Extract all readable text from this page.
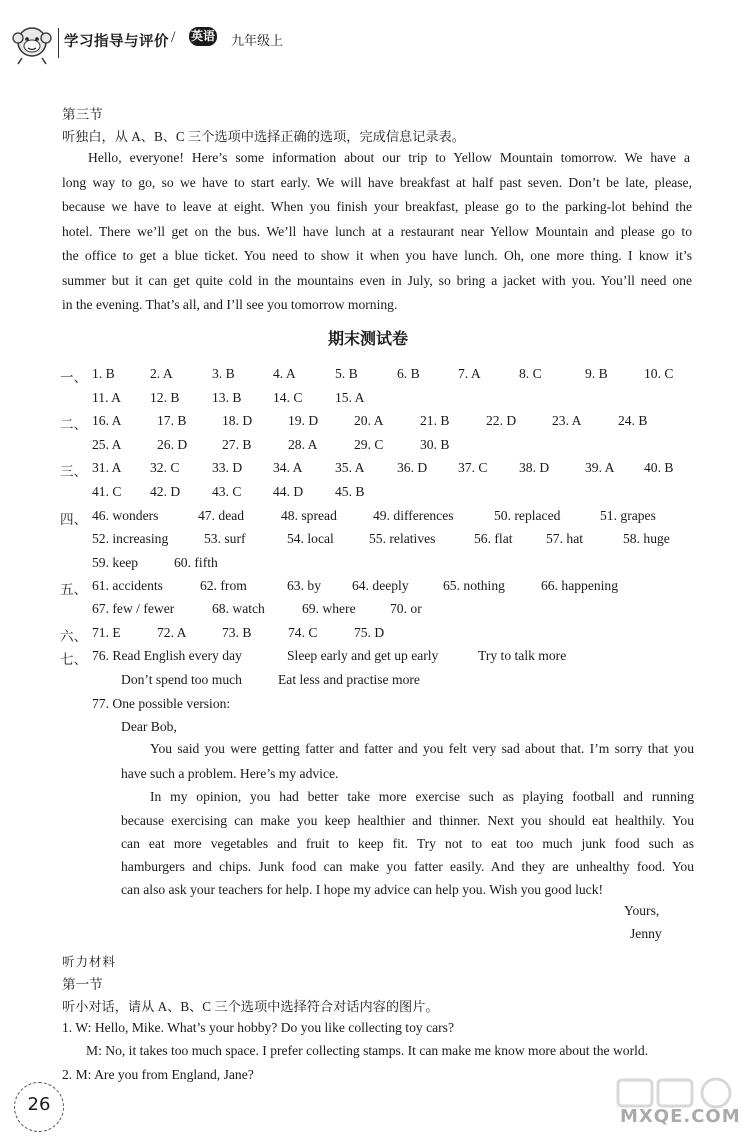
学习指导与评价 / 英语 九年级上
第三节
听独白，从 A、B、C 三个选项中选择正确的选项，完成信息记录表。
Hello, everyone! Here’s some information about our trip to Yellow Mountain tomorrow. We have a
long way to go, so we have to start early. We will have breakfast at half past seven. Don’t be late, please,
because we have to leave at eight. When you finish your breakfast, please go to the parking-lot behind the
hotel. There we’ll get on the bus. We’ll have lunch at a restaurant near Yellow Mountain and please go to
the office to get a blue ticket. You need to show it when you have lunch. Oh, one more thing. I know it’s
summer but it can get quite cold in the mountains even in July, so bring a jacket with you. You’ll need one
in the evening. That’s all, and I’ll see you tomorrow morning.
期末测试卷
一、 1. B	2. A	3. B	4. A	5. B	6. B	7. A	8. C	9. B	10. C
11. A 12. B 13. B 14. C 15. A
二、 16. A	17. B	18. D	19. D	20. A	21. B	22. D	23. A	24. B
25. A	26. D	27. B	28. A	29. C	30. B
三、 31. A 32. C 33. D 34. A 35. A 36. D 37. C 38. D	39. A 40. B
41. C 42. D 43. C 44. D 45. B
四、 46. wonders	47. dead	48. spread	49. differences	50. replaced	51. grapes
52. increasing	53. surf	54. local	55. relatives	56. flat 57. hat	58. huge
59. keep	60. fifth
五、 61. accidents	62. from	63. by 64. deeply	65. nothing	66. happening
67. few / fewer	68. watch	69. where	70. or
六、 71. E	72. A	73. B	74. C	75. D
七、 76. Read English every day	Sleep early and get up early	Try to talk more
Don’t spend too much	Eat less and practise more
77. One possible version:
Dear Bob,
You said you were getting fatter and fatter and you felt very sad about that. I’m sorry that you
have such a problem. Here’s my advice.
In my opinion, you had better take more exercise such as playing football and running
because exercising can make you keep healthier and thinner. Next you should eat healthily. You
can eat more vegetables and fruit to keep fit. Try not to eat too much junk food such as
hamburgers and chips. Junk food can make you fatter easily. And they are unhealthy food. You
can also ask your teachers for help. I hope my advice can help you. Wish you good luck!
Yours,
Jenny
听力材料
第一节
听小对话，请从 A、B、C 三个选项中选择符合对话内容的图片。
1. W: Hello, Mike. What’s your hobby? Do you like collecting toy cars?
M: No, it takes too much space. I prefer collecting stamps. It can make me know more about the world.
2. M: Are you from England, Jane?
26
MXQE.COM
